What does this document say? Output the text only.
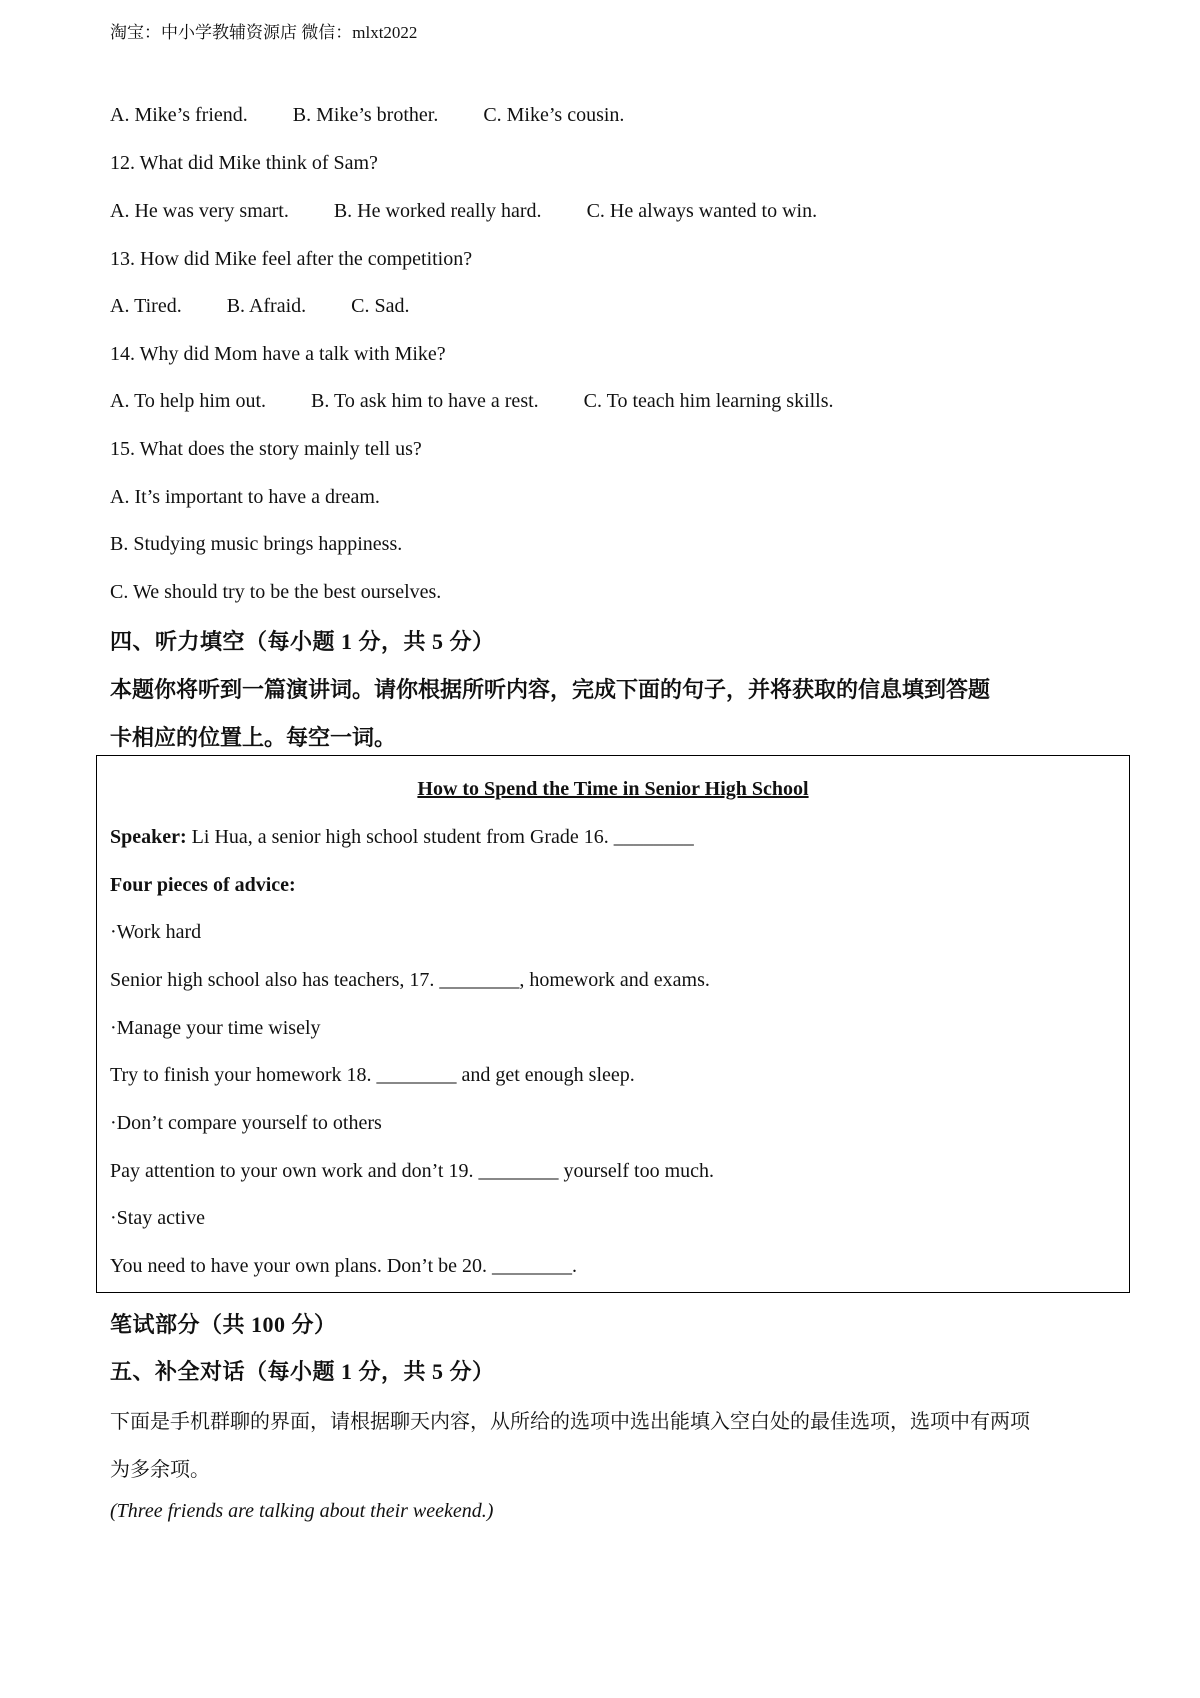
淘宝：中小学教辅资源店 微信：mlxt2022
A. Mike’s friend. B. Mike’s brother. C. Mike’s cousin.
12. What did Mike think of Sam?
A. He was very smart. B. He worked really hard. C. He always wanted to win.
13. How did Mike feel after the competition?
A. Tired. B. Afraid. C. Sad.
14. Why did Mom have a talk with Mike?
A. To help him out. B. To ask him to have a rest. C. To teach him learning skills.
15. What does the story mainly tell us?
A. It’s important to have a dream.
B. Studying music brings happiness.
C. We should try to be the best ourselves.
四、听力填空（每小题 1 分，共 5 分）
本题你将听到一篇演讲词。请你根据所听内容，完成下面的句子，并将获取的信息填到答题
卡相应的位置上。每空一词。
How to Spend the Time in Senior High School
Speaker: Li Hua, a senior high school student from Grade 16. ________
Four pieces of advice:
·Work hard
Senior high school also has teachers, 17. ________, homework and exams.
·Manage your time wisely
Try to finish your homework 18. ________ and get enough sleep.
·Don’t compare yourself to others
Pay attention to your own work and don’t 19. ________ yourself too much.
·Stay active
You need to have your own plans. Don’t be 20. ________.
笔试部分（共 100 分）
五、补全对话（每小题 1 分，共 5 分）
下面是手机群聊的界面，请根据聊天内容，从所给的选项中选出能填入空白处的最佳选项，选项中有两项
为多余项。
(Three friends are talking about their weekend.)
